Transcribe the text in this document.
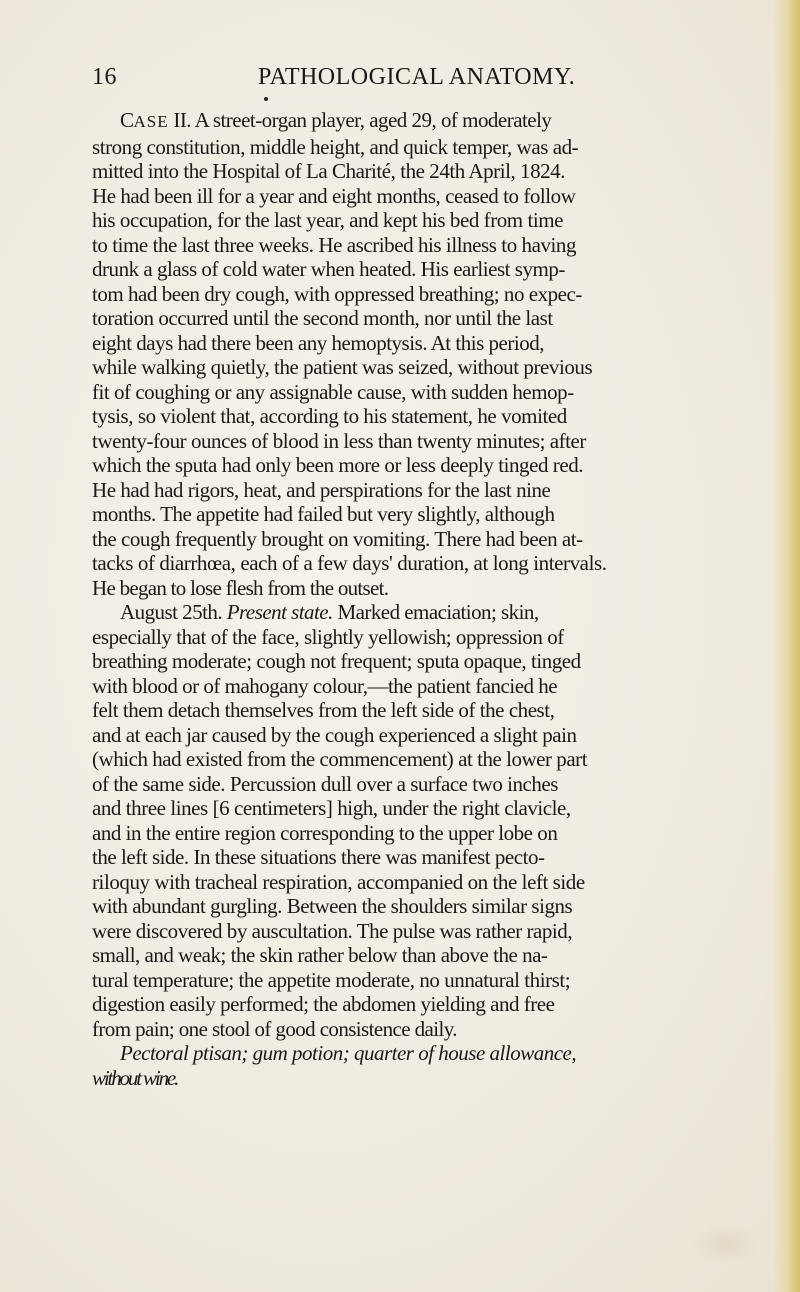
16	PATHOLOGICAL ANATOMY.

CASE II. A street-organ player, aged 29, of moderately
strong constitution, middle height, and quick temper, was ad-
mitted into the Hospital of La Charité, the 24th April, 1824.
He had been ill for a year and eight months, ceased to follow
his occupation, for the last year, and kept his bed from time
to time the last three weeks. He ascribed his illness to having
drunk a glass of cold water when heated. His earliest symp-
tom had been dry cough, with oppressed breathing; no expec-
toration occurred until the second month, nor until the last
eight days had there been any hemoptysis. At this period,
while walking quietly, the patient was seized, without previous
fit of coughing or any assignable cause, with sudden hemop-
tysis, so violent that, according to his statement, he vomited
twenty-four ounces of blood in less than twenty minutes; after
which the sputa had only been more or less deeply tinged red.
He had had rigors, heat, and perspirations for the last nine
months. The appetite had failed but very slightly, although
the cough frequently brought on vomiting. There had been at-
tacks of diarrhœa, each of a few days' duration, at long intervals.
He began to lose flesh from the outset.

August 25th. Present state. Marked emaciation; skin,
especially that of the face, slightly yellowish; oppression of
breathing moderate; cough not frequent; sputa opaque, tinged
with blood or of mahogany colour,—the patient fancied he
felt them detach themselves from the left side of the chest,
and at each jar caused by the cough experienced a slight pain
(which had existed from the commencement) at the lower part
of the same side. Percussion dull over a surface two inches
and three lines [6 centimeters] high, under the right clavicle,
and in the entire region corresponding to the upper lobe on
the left side. In these situations there was manifest pecto-
riloquy with tracheal respiration, accompanied on the left side
with abundant gurgling. Between the shoulders similar signs
were discovered by auscultation. The pulse was rather rapid,
small, and weak; the skin rather below than above the na-
tural temperature; the appetite moderate, no unnatural thirst;
digestion easily performed; the abdomen yielding and free
from pain; one stool of good consistence daily.

Pectoral ptisan; gum potion; quarter of house allowance,
without wine.
